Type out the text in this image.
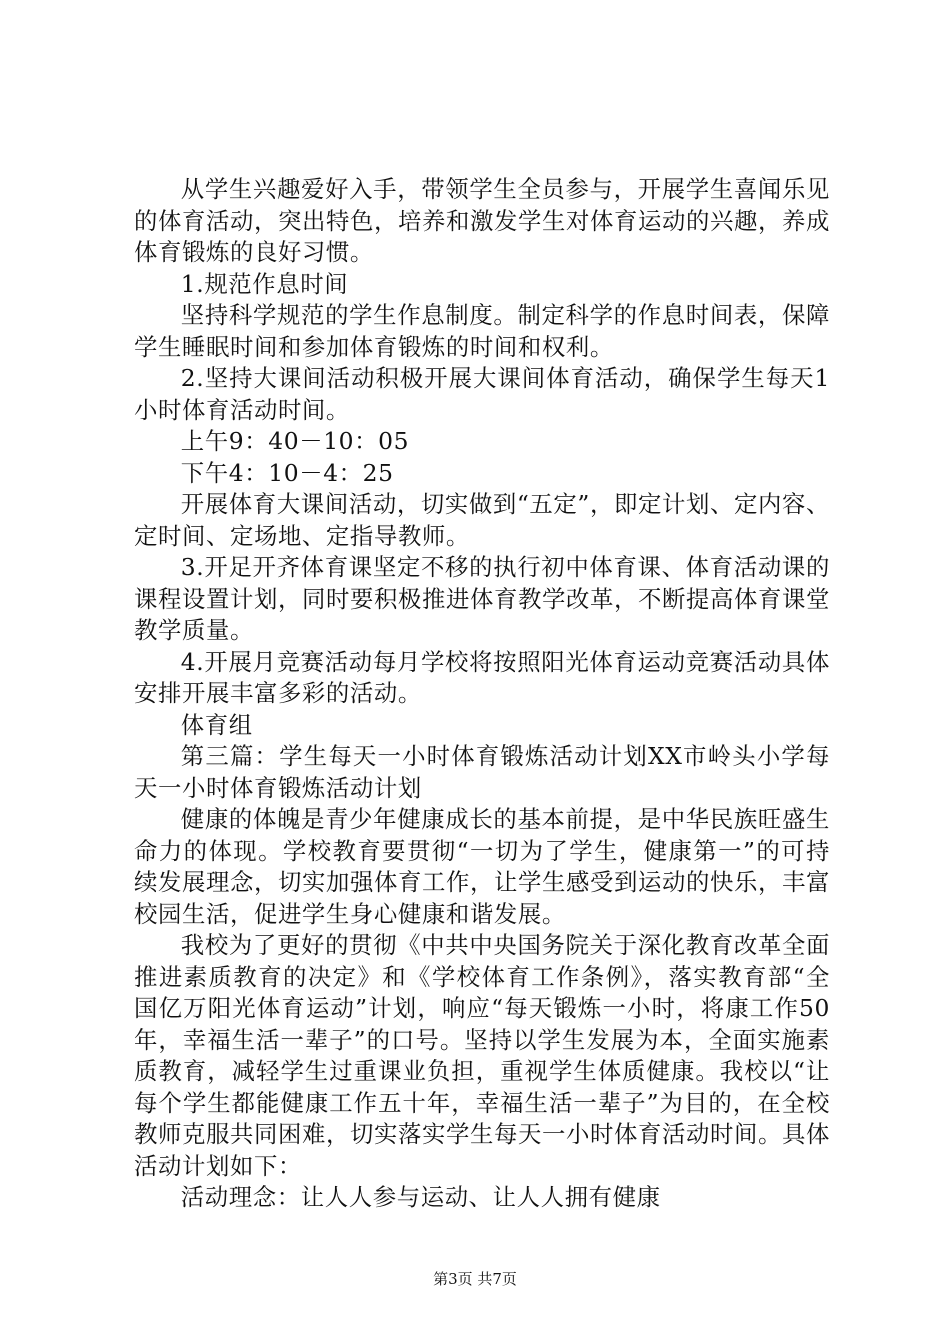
从学生兴趣爱好入手，带领学生全员参与，开展学生喜闻乐见的体育活动，突出特色，培养和激发学生对体育运动的兴趣，养成体育锻炼的良好习惯。

1.规范作息时间

坚持科学规范的学生作息制度。制定科学的作息时间表，保障学生睡眠时间和参加体育锻炼的时间和权利。

2.坚持大课间活动积极开展大课间体育活动，确保学生每天1小时体育活动时间。

上午9：40－10：05

下午4：10－4：25

开展体育大课间活动，切实做到“五定”，即定计划、定内容、定时间、定场地、定指导教师。

3.开足开齐体育课坚定不移的执行初中体育课、体育活动课的课程设置计划，同时要积极推进体育教学改革，不断提高体育课堂教学质量。

4.开展月竞赛活动每月学校将按照阳光体育运动竞赛活动具体安排开展丰富多彩的活动。

体育组

第三篇：学生每天一小时体育锻炼活动计划XX市岭头小学每天一小时体育锻炼活动计划

健康的体魄是青少年健康成长的基本前提，是中华民族旺盛生命力的体现。学校教育要贯彻“一切为了学生，健康第一”的可持续发展理念，切实加强体育工作，让学生感受到运动的快乐，丰富校园生活，促进学生身心健康和谐发展。

我校为了更好的贯彻《中共中央国务院关于深化教育改革全面推进素质教育的决定》和《学校体育工作条例》，落实教育部“全国亿万阳光体育运动”计划，响应“每天锻炼一小时，将康工作50年，幸福生活一辈子”的口号。坚持以学生发展为本，全面实施素质教育，减轻学生过重课业负担，重视学生体质健康。我校以“让每个学生都能健康工作五十年，幸福生活一辈子”为目的，在全校教师克服共同困难，切实落实学生每天一小时体育活动时间。具体活动计划如下：

活动理念：让人人参与运动、让人人拥有健康

第3页 共7页
